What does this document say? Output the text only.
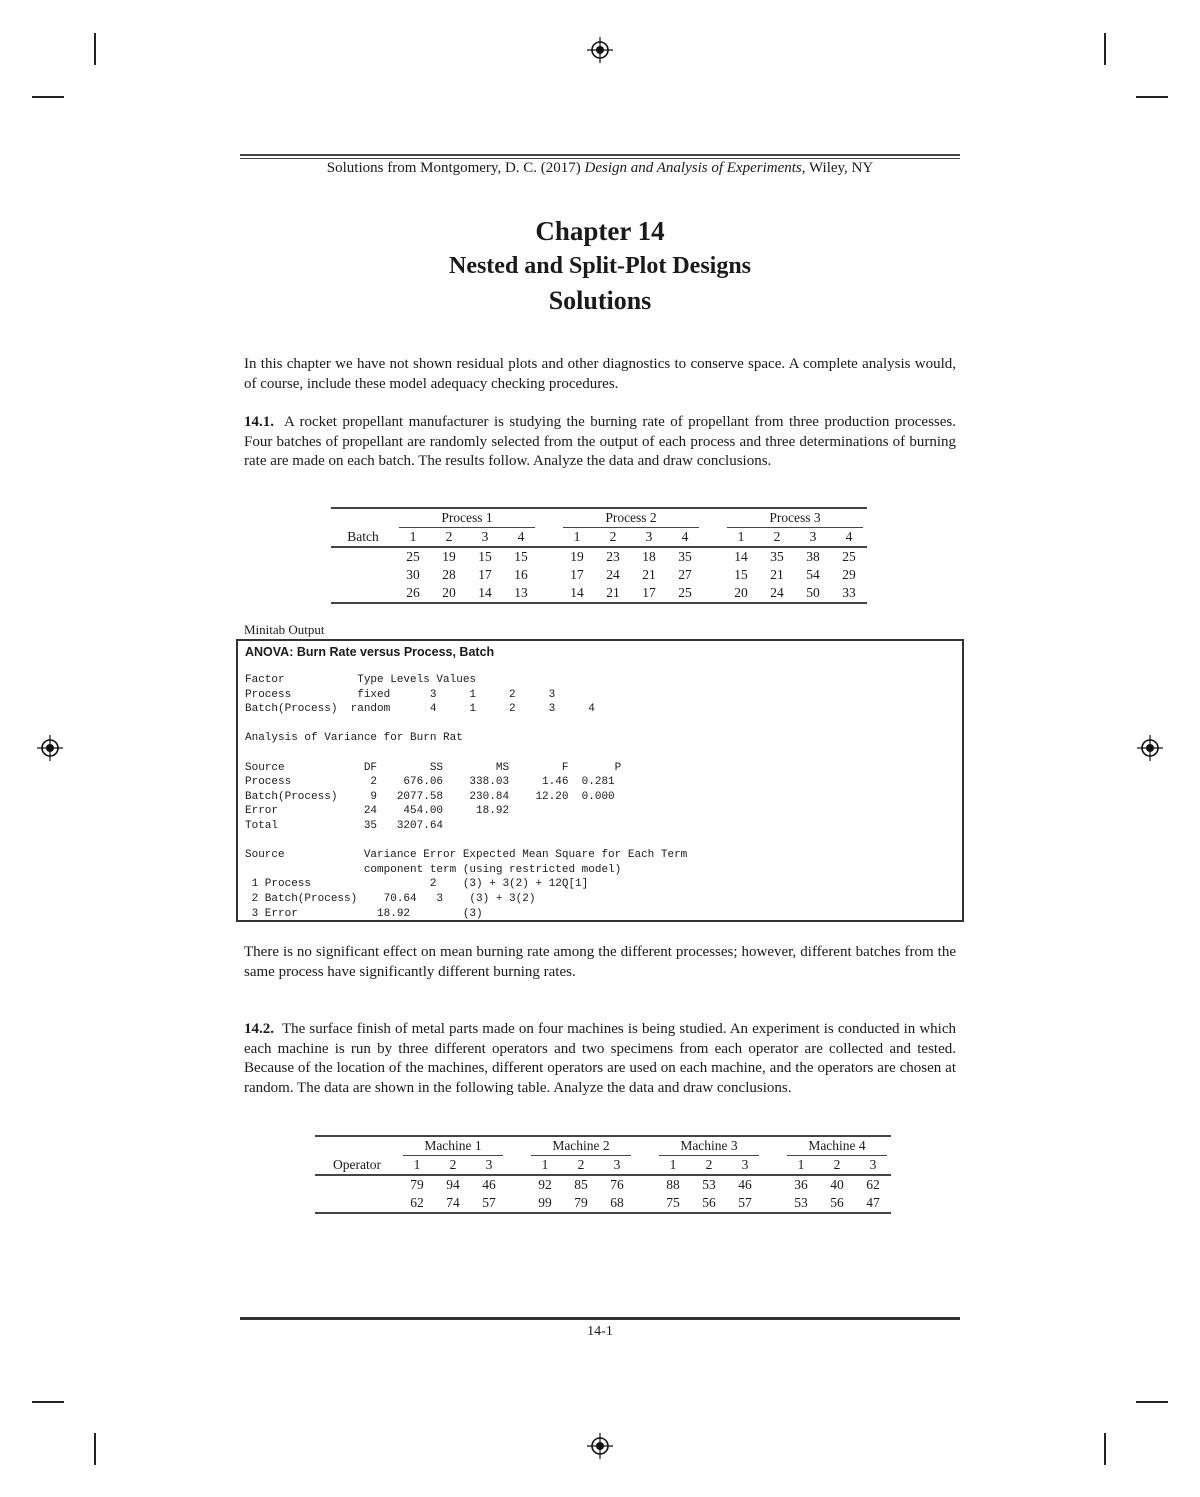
Solutions from Montgomery, D. C. (2017) Design and Analysis of Experiments, Wiley, NY
Chapter 14
Nested and Split-Plot Designs
Solutions
In this chapter we have not shown residual plots and other diagnostics to conserve space. A complete analysis would, of course, include these model adequacy checking procedures.
14.1. A rocket propellant manufacturer is studying the burning rate of propellant from three production processes. Four batches of propellant are randomly selected from the output of each process and three determinations of burning rate are made on each batch. The results follow. Analyze the data and draw conclusions.

	Process 1					Process 2					Process 3			

Batch	1	2	3	4		1	2	3	4		1	2	3	4
	25	19	15	15		19	23	18	35		14	35	38	25
	30	28	17	16		17	24	21	27		15	21	54	29
	26	20	14	13		14	21	17	25		20	24	50	33
Minitab Output
ANOVA: Burn Rate versus Process, Batch
Factor           Type Levels Values
Process          fixed      3     1     2     3
Batch(Process)  random      4     1     2     3     4

Analysis of Variance for Burn Rat

Source            DF        SS        MS        F       P
Process            2    676.06    338.03     1.46  0.281
Batch(Process)     9   2077.58    230.84    12.20  0.000
Error             24    454.00     18.92
Total             35   3207.64

Source            Variance Error Expected Mean Square for Each Term
component term (using restricted model)
1 Process                  2    (3) + 3(2) + 12Q[1]
2 Batch(Process)    70.64   3    (3) + 3(2)
3 Error            18.92        (3)
There is no significant effect on mean burning rate among the different processes; however, different batches from the same process have significantly different burning rates.
14.2. The surface finish of metal parts made on four machines is being studied. An experiment is conducted in which each machine is run by three different operators and two specimens from each operator are collected and tested. Because of the location of the machines, different operators are used on each machine, and the operators are chosen at random. The data are shown in the following table. Analyze the data and draw conclusions.

	Machine 1				Machine 2				Machine 3				Machine 4		

Operator	1	2	3		1	2	3		1	2	3		1	2	3
	79	94	46		92	85	76		88	53	46		36	40	62
	62	74	57		99	79	68		75	56	57		53	56	47
14-1
